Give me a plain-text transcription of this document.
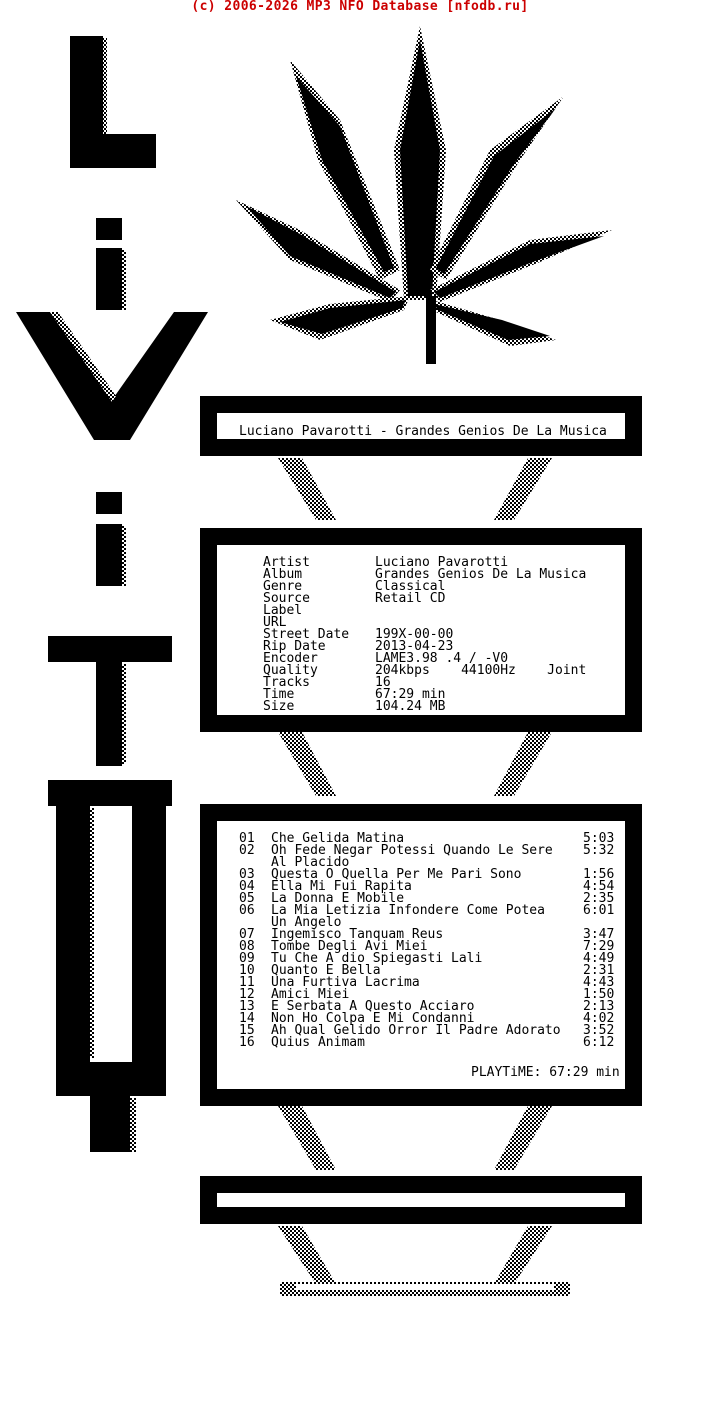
(c) 2006-2026 MP3 NFO Database [nfodb.ru]
Luciano Pavarotti - Grandes Genios De La Musica
Artist	Luciano Pavarotti
Album	Grandes Genios De La Musica
Genre	Classical
Source	Retail CD
Label
URL
Street Date 199X-00-00
Rip Date	2013-04-23
Encoder	LAME3.98 .4 / -V0
Quality	204kbps    44100Hz    Joint
Tracks	16
Time	67:29 min
Size	104.24 MB
01 Che Gelida Matina	5:03
02 Oh Fede Negar Potessi Quando Le Sere 5:32
Al Placido
03 Questa O Quella Per Me Pari Sono	1:56
04 Ella Mi Fui Rapita	4:54
05 La Donna E Mobile	2:35
06 La Mia Letizia Infondere Come Potea	6:01
Un Angelo
07 Ingemisco Tanquam Reus	3:47
08 Tombe Degli Avi Miei	7:29
09 Tu Che A dio Spiegasti Lali	4:49
10 Quanto E Bella	2:31
11 Una Furtiva Lacrima	4:43
12 Amici Miei	1:50
13 E Serbata A Questo Acciaro	2:13
14 Non Ho Colpa E Mi Condanni	4:02
15 Ah Qual Gelido Orror Il Padre Adorato 3:52
16 Quius Animam	6:12
PLAYTiME: 67:29 min
